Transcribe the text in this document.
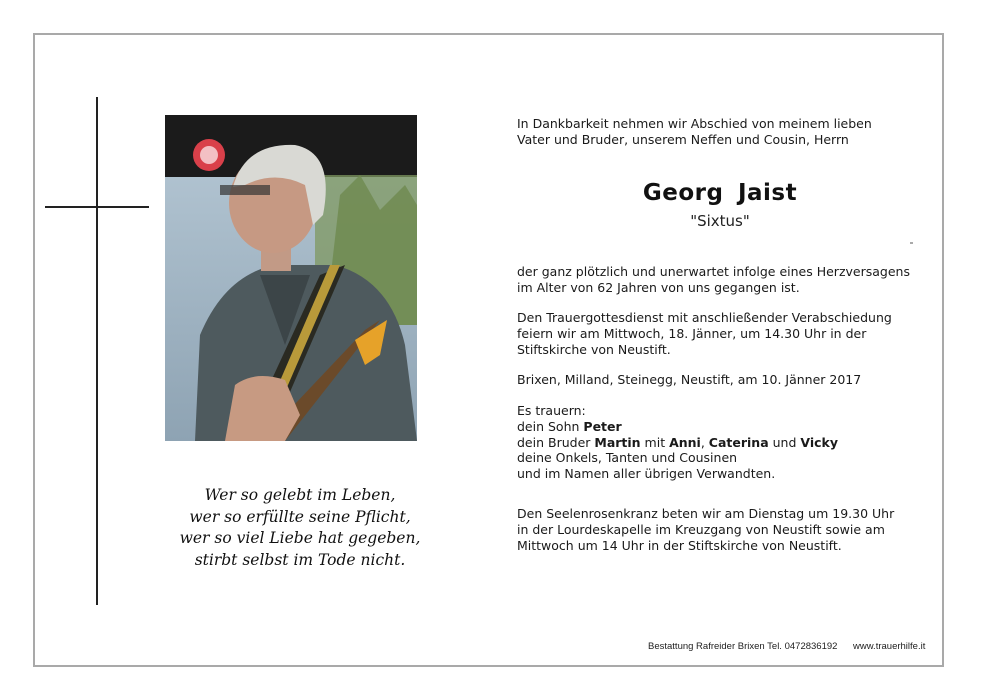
Wer so gelebt im Leben,
wer so erfüllte seine Pflicht,
wer so viel Liebe hat gegeben,
stirbt selbst im Tode nicht.
In Dankbarkeit nehmen wir Abschied von meinem lieben
Vater und Bruder, unserem Neffen und Cousin, Herrn
Georg Jaist
"Sixtus"
der ganz plötzlich und unerwartet infolge eines Herzversagens
im Alter von 62 Jahren von uns gegangen ist.
Den Trauergottesdienst mit anschließender Verabschiedung
feiern wir am Mittwoch, 18. Jänner, um 14.30 Uhr in der
Stiftskirche von Neustift.
Brixen, Milland, Steinegg, Neustift, am 10. Jänner 2017
Es trauern:
dein Sohn Peter
dein Bruder Martin mit Anni, Caterina und Vicky
deine Onkels, Tanten und Cousinen
und im Namen aller übrigen Verwandten.
Den Seelenrosenkranz beten wir am Dienstag um 19.30 Uhr
in der Lourdeskapelle im Kreuzgang von Neustift sowie am
Mittwoch um 14 Uhr in der Stiftskirche von Neustift.
Bestattung Rafreider Brixen Tel. 0472836192 www.trauerhilfe.it
